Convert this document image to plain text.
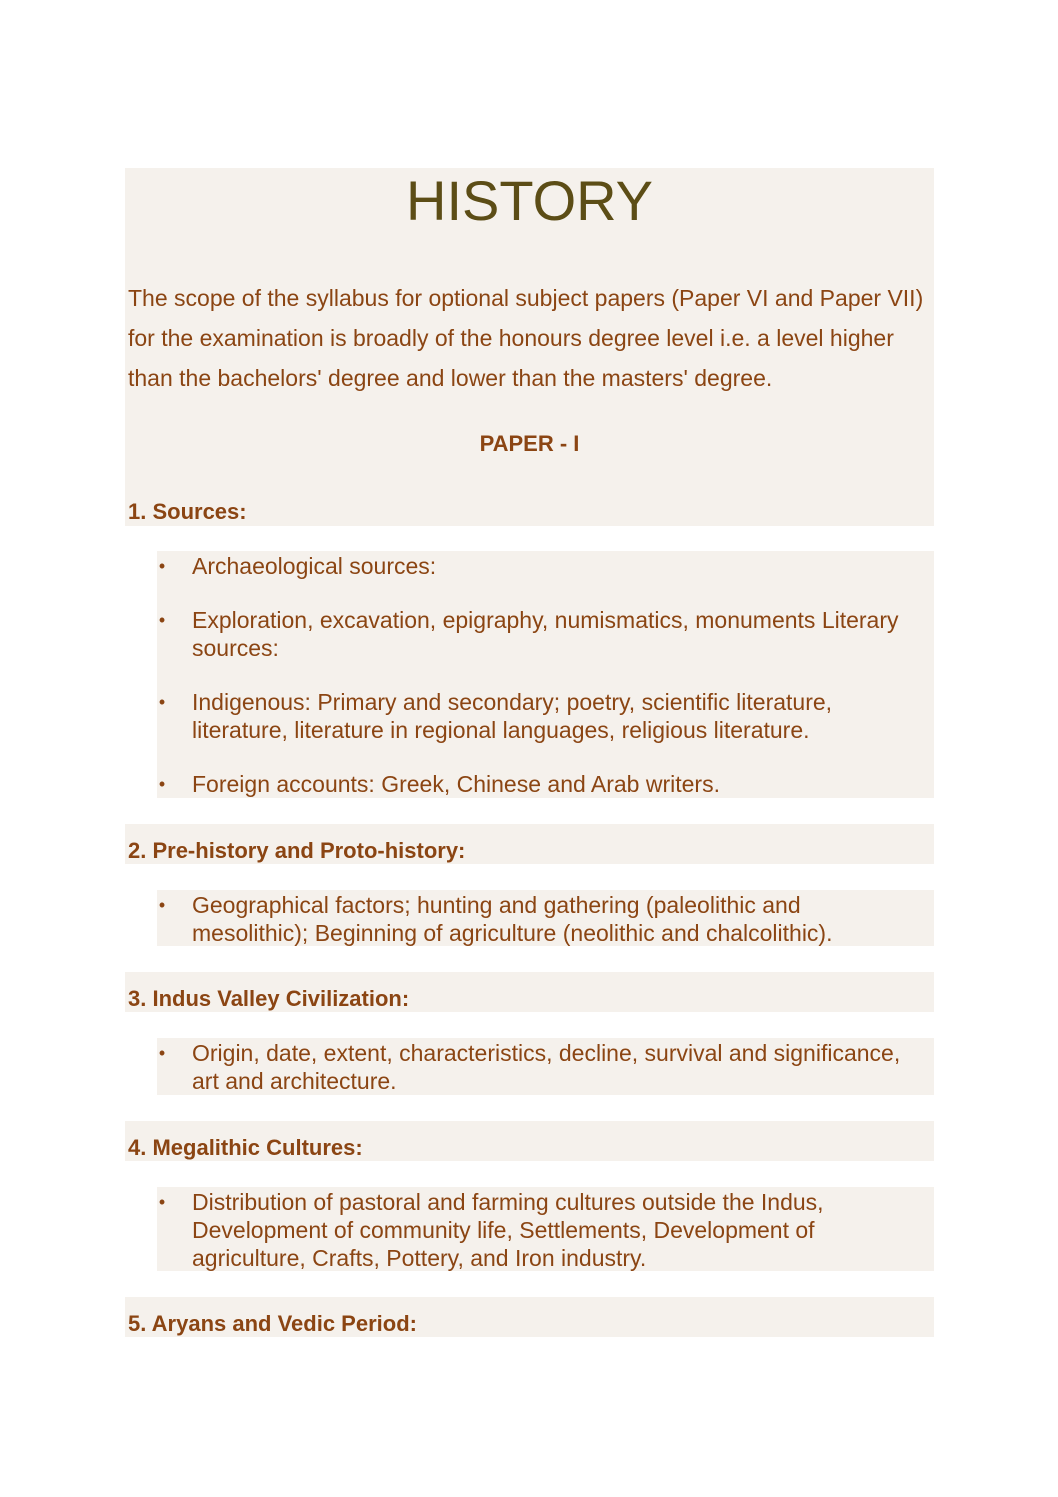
HISTORY
The scope of the syllabus for optional subject papers (Paper VI and Paper VII) for the examination is broadly of the honours degree level i.e. a level higher than the bachelors' degree and lower than the masters' degree.
PAPER - I
1. Sources:
• Archaeological sources:
• Exploration, excavation, epigraphy, numismatics, monuments Literary sources:
• Indigenous: Primary and secondary; poetry, scientific literature, literature, literature in regional languages, religious literature.
• Foreign accounts: Greek, Chinese and Arab writers.
2. Pre-history and Proto-history:
• Geographical factors; hunting and gathering (paleolithic and mesolithic); Beginning of agriculture (neolithic and chalcolithic).
3. Indus Valley Civilization:
• Origin, date, extent, characteristics, decline, survival and significance, art and architecture.
4. Megalithic Cultures:
• Distribution of pastoral and farming cultures outside the Indus, Development of community life, Settlements, Development of agriculture, Crafts, Pottery, and Iron industry.
5. Aryans and Vedic Period:
